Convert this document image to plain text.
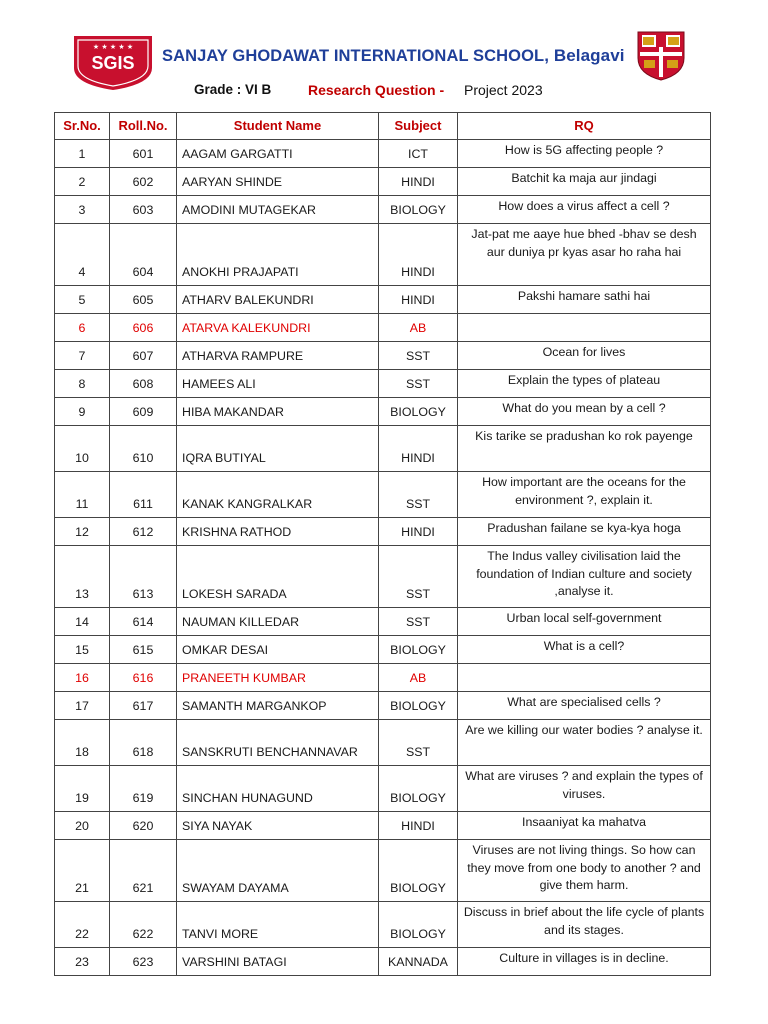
★ ★ ★ ★ ★
SGIS SANJAY GHODAWAT INTERNATIONAL SCHOOL, Belagavi
Grade : VI B	Research Question - Project 2023
Sr.No.	Roll.No.	Student Name	Subject	RQ
1	601	AAGAM GARGATTI	ICT	How is 5G affecting people ?
2	602	AARYAN SHINDE	HINDI	Batchit ka maja aur jindagi
3	603	AMODINI MUTAGEKAR	BIOLOGY	How does a virus affect a cell ?
4	604	ANOKHI PRAJAPATI	HINDI	Jat-pat me aaye hue bhed -bhav se desh aur duniya pr kyas asar ho raha hai
5	605	ATHARV BALEKUNDRI	HINDI	Pakshi hamare sathi hai
6	606	ATARVA KALEKUNDRI	AB	
7	607	ATHARVA RAMPURE	SST	Ocean for lives
8	608	HAMEES ALI	SST	Explain the types of plateau
9	609	HIBA MAKANDAR	BIOLOGY	What do you mean by a cell ?
10	610	IQRA BUTIYAL	HINDI	Kis tarike se pradushan ko rok payenge
11	611	KANAK KANGRALKAR	SST	How important are the oceans for the environment ?, explain it.
12	612	KRISHNA RATHOD	HINDI	Pradushan failane se kya-kya hoga
13	613	LOKESH SARADA	SST	The Indus valley civilisation laid the foundation of Indian culture and society ,analyse it.
14	614	NAUMAN KILLEDAR	SST	Urban local self-government
15	615	OMKAR DESAI	BIOLOGY	What is a cell?
16	616	PRANEETH KUMBAR	AB	
17	617	SAMANTH MARGANKOP	BIOLOGY	What are specialised cells ?
18	618	SANSKRUTI BENCHANNAVAR	SST	Are we killing our water bodies ? analyse it.
19	619	SINCHAN HUNAGUND	BIOLOGY	What are viruses ? and explain the types of viruses.
20	620	SIYA NAYAK	HINDI	Insaaniyat ka mahatva
21	621	SWAYAM DAYAMA	BIOLOGY	Viruses are not living things. So how can they move from one body to another ? and give them harm.
22	622	TANVI MORE	BIOLOGY	Discuss in brief about the life cycle of plants and its stages.
23	623	VARSHINI BATAGI	KANNADA	Culture in villages is in decline.
